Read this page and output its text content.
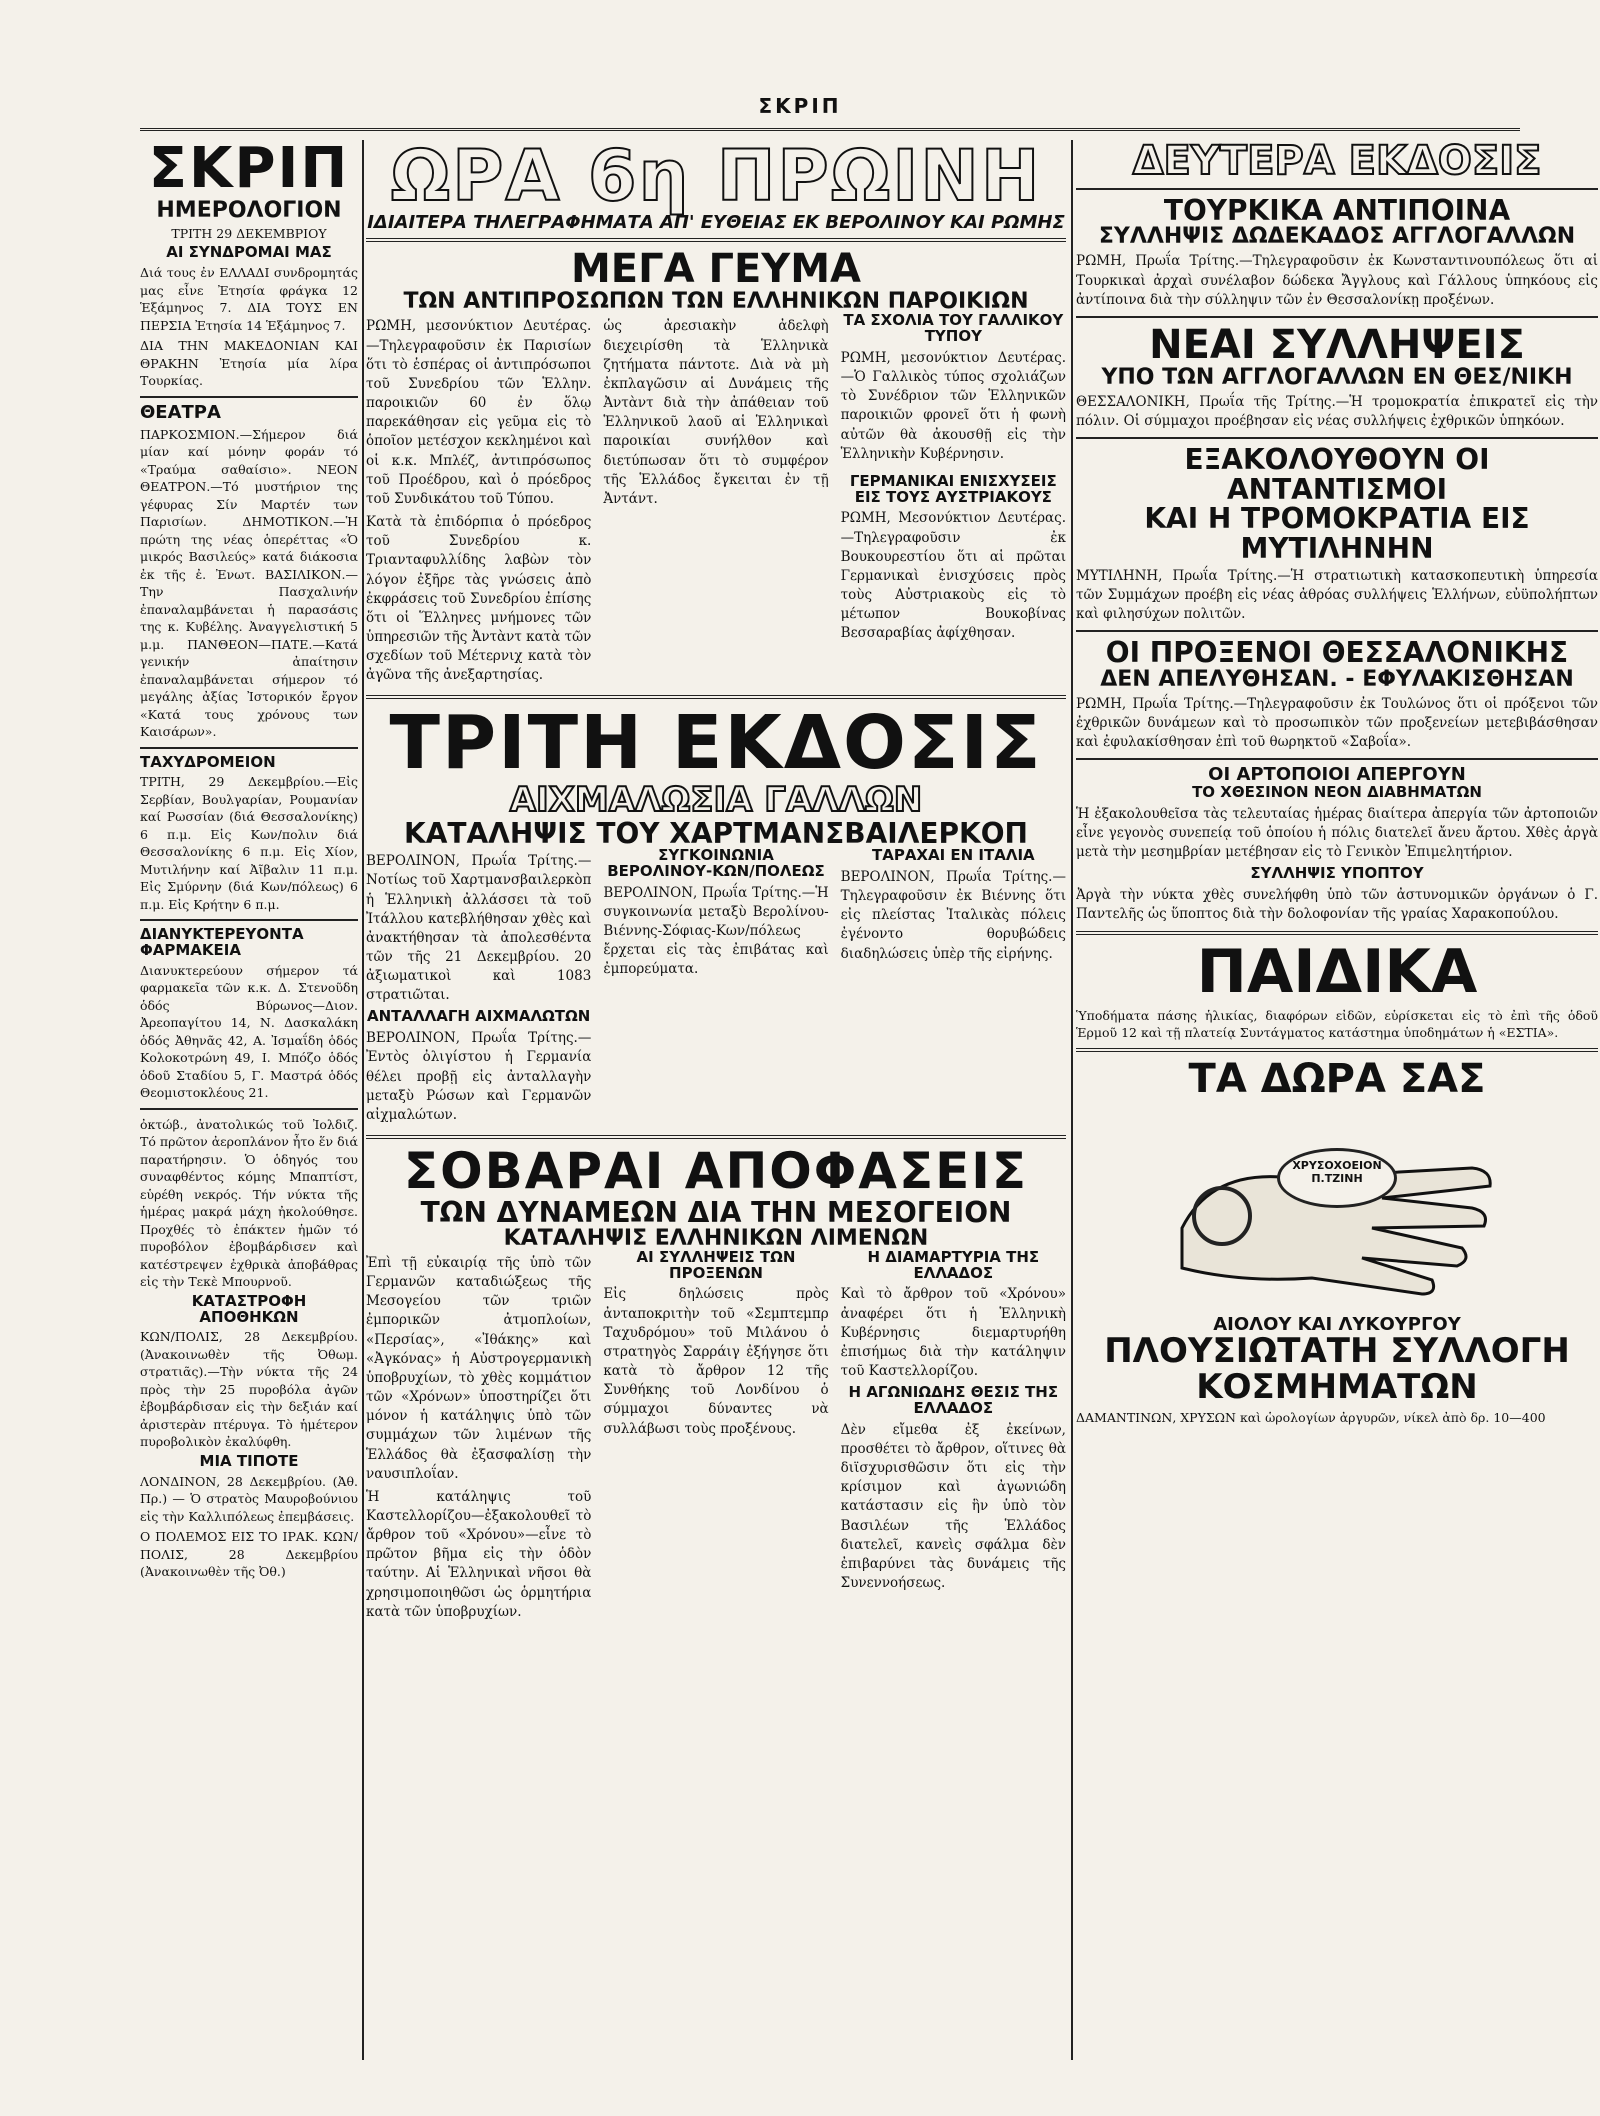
ΣΚΡΙΠ
ΣΚΡΙΠ
ΗΜΕΡΟΛΟΓΙΟΝ
ΤΡΙΤΗ 29 ΔΕΚΕΜΒΡΙΟΥ
ΑΙ ΣΥΝΔΡΟΜΑΙ ΜΑΣ

Διά τους ἐν ΕΛΛΑΔΙ συνδρομητάς μας εἶνε Ἐτησία φράγκα 12 Ἑξάμηνος 7. ΔΙΑ ΤΟΥΣ ΕΝ ΠΕΡΣΙΑ Ἐτησία 14 Ἑξάμηνος 7.

ΔΙΑ ΤΗΝ ΜΑΚΕΔΟΝΙΑΝ ΚΑΙ ΘΡΑΚΗΝ Ἐτησία μία λίρα Τουρκίας.

ΘΕΑΤΡΑ

ΠΑΡΚΟΣΜΙΟΝ.—Σήμερον διά μίαν καί μόνην φοράν τό «Τραύμα σαθαίσιο». ΝΕΟΝ ΘΕΑΤΡΟΝ.—Τό μυστήριον της γέφυρας Σίν Μαρτέν των Παρισίων. ΔΗΜΟΤΙΚΟΝ.—Ἡ πρώτη της νέας ὁπερέττας «Ὁ μικρός Βασιλεύς» κατά διάκοσια ἐκ τῆς ἐ. Ἐνωτ. ΒΑΣΙΛΙΚΟΝ.—Την Πασχαλινήν ἐπαναλαμβάνεται ἡ παρασάσις της κ. Κυβέλης. Ἀναγγελιστική 5 μ.μ. ΠΑΝΘΕΟΝ—ΠΑΤΕ.—Κατά γενικήν ἀπαίτησιν ἐπαναλαμβάνεται σήμερον τό μεγάλης ἀξίας Ἰστορικόν ἔργον «Κατά τους χρόνους των Καισάρων».

ΤΑΧΥΔΡΟΜΕΙΟΝ

ΤΡΙΤΗ, 29 Δεκεμβρίου.—Εἰς Σερβίαν, Βουλγαρίαν, Ρουμανίαν καί Ρωσσίαν (διά Θεσσαλονίκης) 6 π.μ. Εἰς Κων/πολιν διά Θεσσαλονίκης 6 π.μ. Εἰς Χίον, Μυτιλήνην καί Ἀῖβαλιν 11 π.μ. Εἰς Σμύρνην (διά Κων/πόλεως) 6 π.μ. Εἰς Κρήτην 6 π.μ.

ΔΙΑΝΥΚΤΕΡΕΥΟΝΤΑ ΦΑΡΜΑΚΕΙΑ

Διανυκτερεύουν σήμερον τά φαρμακεῖα τῶν κ.κ. Δ. Στενοῦδη ὁδός Βύρωνος—Διον. Ἀρεοπαγίτου 14, Ν. Δασκαλάκη ὁδός Ἀθηνᾶς 42, Α. Ἰσμαΐδη ὁδός Κολοκοτρώνη 49, Ι. Μπόζο ὁδός ὁδοῦ Σταδίου 5, Γ. Μαστρά ὁδός Θεομιστοκλέους 21.

ὀκτώβ., ἀνατολικώς τοῦ Ἰολδιζ. Τό πρῶτον ἀεροπλάνον ἦτο ἕν διά παρατήρησιν. Ὁ ὁδηγός του συναφθέντος κόμης Μπαπτίστ, εὑρέθη νεκρός. Τήν νύκτα τῆς ἡμέρας μακρά μάχη ἠκολούθησε. Προχθές τὸ ἐπάκτεν ἡμῶν τό πυροβόλον ἐβομβάρδισεν καὶ κατέστρεψεν ἐχθρικὰ ἀποβάθρας εἰς τὴν Τεκὲ Μπουρνοῦ.

ΚΑΤΑΣΤΡΟΦΗ ΑΠΟΘΗΚΩΝ

ΚΩΝ/ΠΟΛΙΣ, 28 Δεκεμβρίου. (Ἀνακοινωθὲν τῆς Ὀθωμ. στρατιᾶς).—Τὴν νύκτα τῆς 24 πρὸς τὴν 25 πυροβόλα ἀγῶν ἐβομβάρδισαν εἰς τὴν δεξιάν καί ἀριστερὰν πτέρυγα. Τὸ ἡμέτερον πυροβολικὸν ἐκαλύφθη.

ΜΙΑ ΤΙΠΟΤΕ

ΛΟΝΔΙΝΟΝ, 28 Δεκεμβρίου. (Ἀθ. Πρ.) — Ὁ στρατὸς Μαυροβούνιου εἰς τὴν Καλλιπόλεως ἐπεμβάσεις.

Ο ΠΟΛΕΜΟΣ ΕΙΣ ΤΟ ΙΡΑΚ. ΚΩΝ/ΠΟΛΙΣ, 28 Δεκεμβρίου (Ἀνακοινωθὲν τῆς Ὀθ.)

ΩΡΑ 6η ΠΡΩΙΝΗ
ΙΔΙΑΙΤΕΡΑ ΤΗΛΕΓΡΑΦΗΜΑΤΑ ΑΠ' ΕΥΘΕΙΑΣ ΕΚ ΒΕΡΟΛΙΝΟΥ ΚΑΙ ΡΩΜΗΣ
ΜΕΓΑ ΓΕΥΜΑ
ΤΩΝ ΑΝΤΙΠΡΟΣΩΠΩΝ ΤΩΝ ΕΛΛΗΝΙΚΩΝ ΠΑΡΟΙΚΙΩΝ

ΡΩΜΗ, μεσονύκτιον Δευτέρας.—Τηλεγραφοῦσιν ἐκ Παρισίων ὅτι τὸ ἑσπέρας οἱ ἀντιπρόσωποι τοῦ Συνεδρίου τῶν Ἑλλην. παροικιῶν 60 ἐν ὅλῳ παρεκάθησαν εἰς γεῦμα εἰς τὸ ὁποῖον μετέσχον κεκλημένοι καὶ οἱ κ.κ. Μπλέζ, ἀντιπρόσωπος τοῦ Προέδρου, καὶ ὁ πρόεδρος τοῦ Συνδικάτου τοῦ Τύπου.

Κατὰ τὰ ἐπιδόρπια ὁ πρόεδρος τοῦ Συνεδρίου κ. Τριανταφυλλίδης λαβὼν τὸν λόγον ἐξῆρε τὰς γνώσεις ἀπὸ ἐκφράσεις τοῦ Συνεδρίου ἐπίσης ὅτι οἱ Ἕλληνες μνήμονες τῶν ὑπηρεσιῶν τῆς Ἀντὰντ κατὰ τῶν σχεδίων τοῦ Μέτερνιχ κατὰ τὸν ἀγῶνα τῆς ἀνεξαρτησίας.

ὡς ἀρεσιακὴν ἀδελφὴ διεχειρίσθη τὰ Ἑλληνικὰ ζητήματα πάντοτε. Διὰ νὰ μὴ ἐκπλαγῶσιν αἱ Δυνάμεις τῆς Ἀντὰντ διὰ τὴν ἀπάθειαν τοῦ Ἑλληνικοῦ λαοῦ αἱ Ἑλληνικαὶ παροικίαι συνήλθον καὶ διετύπωσαν ὅτι τὸ συμφέρον τῆς Ἑλλάδος ἔγκειται ἐν τῇ Ἀντάντ.

ΤΑ ΣΧΟΛΙΑ ΤΟΥ ΓΑΛΛΙΚΟΥ ΤΥΠΟΥ

ΡΩΜΗ, μεσονύκτιον Δευτέρας.—Ὁ Γαλλικὸς τύπος σχολιάζων τὸ Συνέδριον τῶν Ἑλληνικῶν παροικιῶν φρονεῖ ὅτι ἡ φωνὴ αὐτῶν θὰ ἀκουσθῇ εἰς τὴν Ἑλληνικὴν Κυβέρνησιν.

ΓΕΡΜΑΝΙΚΑΙ ΕΝΙΣΧΥΣΕΙΣ ΕΙΣ ΤΟΥΣ ΑΥΣΤΡΙΑΚΟΥΣ

ΡΩΜΗ, Μεσονύκτιον Δευτέρας.—Τηλεγραφοῦσιν ἐκ Βουκουρεστίου ὅτι αἱ πρῶται Γερμανικαὶ ἐνισχύσεις πρὸς τοὺς Αὐστριακοὺς εἰς τὸ μέτωπον Βουκοβίνας Βεσσαραβίας ἀφίχθησαν.

ΤΡΙΤΗ ΕΚΔΟΣΙΣ
ΑΙΧΜΑΛΩΣΙΑ ΓΑΛΛΩΝ
ΚΑΤΑΛΗΨΙΣ ΤΟΥ ΧΑΡΤΜΑΝΣΒΑΙΛΕΡΚΟΠ

ΒΕΡΟΛΙΝΟΝ, Πρωΐα Τρίτης.—Νοτίως τοῦ Χαρτμανσβαιλερκὸπ ἡ Ἑλληνικὴ ἀλλάσσει τὰ τοῦ Ἰτάλλου κατεβλήθησαν χθὲς καὶ ἀνακτήθησαν τὰ ἀπολεσθέντα τῶν τῆς 21 Δεκεμβρίου. 20 ἀξιωματικοὶ καὶ 1083 στρατιῶται.

ΑΝΤΑΛΛΑΓΗ ΑΙΧΜΑΛΩΤΩΝ

ΒΕΡΟΛΙΝΟΝ, Πρωΐα Τρίτης.—Ἐντὸς ὀλιγίστου ἡ Γερμανία θέλει προβῇ εἰς ἀνταλλαγὴν μεταξὺ Ρώσων καὶ Γερμανῶν αἰχμαλώτων.

ΣΥΓΚΟΙΝΩΝΙΑ ΒΕΡΟΛΙΝΟΥ-ΚΩΝ/ΠΟΛΕΩΣ

ΒΕΡΟΛΙΝΟΝ, Πρωΐα Τρίτης.—Ἡ συγκοινωνία μεταξὺ Βερολίνου-Βιέννης-Σόφιας-Κων/πόλεως ἔρχεται εἰς τὰς ἐπιβάτας καὶ ἐμπορεύματα.

ΤΑΡΑΧΑΙ ΕΝ ΙΤΑΛΙΑ

ΒΕΡΟΛΙΝΟΝ, Πρωΐα Τρίτης.—Τηλεγραφοῦσιν ἐκ Βιέννης ὅτι εἰς πλείστας Ἰταλικὰς πόλεις ἐγένοντο θορυβώδεις διαδηλώσεις ὑπὲρ τῆς εἰρήνης.

ΣΟΒΑΡΑΙ ΑΠΟΦΑΣΕΙΣ
ΤΩΝ ΔΥΝΑΜΕΩΝ ΔΙΑ ΤΗΝ ΜΕΣΟΓΕΙΟΝ
ΚΑΤΑΛΗΨΙΣ ΕΛΛΗΝΙΚΩΝ ΛΙΜΕΝΩΝ

Ἐπὶ τῇ εὐκαιρίᾳ τῆς ὑπὸ τῶν Γερμανῶν καταδιώξεως τῆς Μεσογείου τῶν τριῶν ἐμπορικῶν ἀτμοπλοίων, «Περσίας», «Ἰθάκης» καὶ «Ἀγκόνας» ἡ Αὐστρογερμανικὴ ὑποβρυχίων, τὸ χθὲς κομμάτιον τῶν «Χρόνων» ὑποστηρίζει ὅτι μόνον ἡ κατάληψις ὑπὸ τῶν συμμάχων τῶν λιμένων τῆς Ἑλλάδος θὰ ἐξασφαλίσῃ τὴν ναυσιπλοΐαν.

Ἡ κατάληψις τοῦ Καστελλορίζου—ἐξακολουθεῖ τὸ ἄρθρον τοῦ «Χρόνου»—εἶνε τὸ πρῶτον βῆμα εἰς τὴν ὁδὸν ταύτην. Αἱ Ἑλληνικαὶ νῆσοι θὰ χρησιμοποιηθῶσι ὡς ὁρμητήρια κατὰ τῶν ὑποβρυχίων.

ΑΙ ΣΥΛΛΗΨΕΙΣ ΤΩΝ ΠΡΟΞΕΝΩΝ

Εἰς δηλώσεις πρὸς ἀνταποκριτὴν τοῦ «Σεμπτεμπρ Ταχυδρόμου» τοῦ Μιλάνου ὁ στρατηγὸς Σαρράιγ ἐξήγησε ὅτι κατὰ τὸ ἄρθρον 12 τῆς Συνθήκης τοῦ Λονδίνου ὁ σύμμαχοι δύναντες νὰ συλλάβωσι τοὺς προξένους.

Η ΔΙΑΜΑΡΤΥΡΙΑ ΤΗΣ ΕΛΛΑΔΟΣ

Καὶ τὸ ἄρθρον τοῦ «Χρόνου» ἀναφέρει ὅτι ἡ Ἑλληνικὴ Κυβέρνησις διεμαρτυρήθη ἐπισήμως διὰ τὴν κατάληψιν τοῦ Καστελλορίζου.

Η ΑΓΩΝΙΩΔΗΣ ΘΕΣΙΣ ΤΗΣ ΕΛΛΑΔΟΣ

Δὲν εἴμεθα ἐξ ἐκείνων, προσθέτει τὸ ἄρθρον, οἵτινες θὰ διϊσχυρισθῶσιν ὅτι εἰς τὴν κρίσιμον καὶ ἀγωνιώδη κατάστασιν εἰς ἣν ὑπὸ τὸν Βασιλέων τῆς Ἑλλάδος διατελεῖ, κανεὶς σφάλμα δὲν ἐπιβαρύνει τὰς δυνάμεις τῆς Συνεννοήσεως.

ΔΕΥΤΕΡΑ ΕΚΔΟΣΙΣ
ΤΟΥΡΚΙΚΑ ΑΝΤΙΠΟΙΝΑ
ΣΥΛΛΗΨΙΣ ΔΩΔΕΚΑΔΟΣ ΑΓΓΛΟΓΑΛΛΩΝ

ΡΩΜΗ, Πρωΐα Τρίτης.—Τηλεγραφοῦσιν ἐκ Κωνσταντινουπόλεως ὅτι αἱ Τουρκικαὶ ἀρχαὶ συνέλαβον δώδεκα Ἄγγλους καὶ Γάλλους ὑπηκόους εἰς ἀντίποινα διὰ τὴν σύλληψιν τῶν ἐν Θεσσαλονίκῃ προξένων.

ΝΕΑΙ ΣΥΛΛΗΨΕΙΣ
ΥΠΟ ΤΩΝ ΑΓΓΛΟΓΑΛΛΩΝ ΕΝ ΘΕΣ/ΝΙΚΗ

ΘΕΣΣΑΛΟΝΙΚΗ, Πρωΐα τῆς Τρίτης.—Ἡ τρομοκρατία ἐπικρατεῖ εἰς τὴν πόλιν. Οἱ σύμμαχοι προέβησαν εἰς νέας συλλήψεις ἐχθρικῶν ὑπηκόων.

ΕΞΑΚΟΛΟΥΘΟΥΝ ΟΙ ΑΝΤΑΝΤΙΣΜΟΙ
ΚΑΙ Η ΤΡΟΜΟΚΡΑΤΙΑ ΕΙΣ ΜΥΤΙΛΗΝΗΝ

ΜΥΤΙΛΗΝΗ, Πρωΐα Τρίτης.—Ἡ στρατιωτικὴ κατασκοπευτικὴ ὑπηρεσία τῶν Συμμάχων προέβη εἰς νέας ἀθρόας συλλήψεις Ἑλλήνων, εὐϋπολήπτων καὶ φιλησύχων πολιτῶν.

ΟΙ ΠΡΟΞΕΝΟΙ ΘΕΣΣΑΛΟΝΙΚΗΣ
ΔΕΝ ΑΠΕΛΥΘΗΣΑΝ. - ΕΦΥΛΑΚΙΣΘΗΣΑΝ

ΡΩΜΗ, Πρωΐα Τρίτης.—Τηλεγραφοῦσιν ἐκ Τουλώνος ὅτι οἱ πρόξενοι τῶν ἐχθρικῶν δυνάμεων καὶ τὸ προσωπικὸν τῶν προξενείων μετεβιβάσθησαν καὶ ἐφυλακίσθησαν ἐπὶ τοῦ θωρηκτοῦ «Σαβοΐα».

ΟΙ ΑΡΤΟΠΟΙΟΙ ΑΠΕΡΓΟΥΝ
ΤΟ ΧΘΕΣΙΝΟΝ ΝΕΟΝ ΔΙΑΒΗΜΑΤΩΝ

Ἡ ἐξακολουθεῖσα τὰς τελευταίας ἡμέρας διαίτερα ἀπεργία τῶν ἀρτοποιῶν εἶνε γεγονὸς συνεπείᾳ τοῦ ὁποίου ἡ πόλις διατελεῖ ἄνευ ἄρτου. Χθὲς ἀργὰ μετὰ τὴν μεσημβρίαν μετέβησαν εἰς τὸ Γενικὸν Ἐπιμελητήριον.

ΣΥΛΛΗΨΙΣ ΥΠΟΠΤΟΥ

Ἀργὰ τὴν νύκτα χθὲς συνελήφθη ὑπὸ τῶν ἀστυνομικῶν ὀργάνων ὁ Γ. Παντελῆς ὡς ὕποπτος διὰ τὴν δολοφονίαν τῆς γραίας Χαρακοπούλου.

ΠΑΙΔΙΚΑ

Ὑποδήματα πάσης ἡλικίας, διαφόρων εἰδῶν, εὑρίσκεται εἰς τὸ ἐπὶ τῆς ὁδοῦ Ἑρμοῦ 12 καὶ τῇ πλατείᾳ Συντάγματος κατάστημα ὑποδημάτων ἡ «ΕΣΤΙΑ».

ΤΑ ΔΩΡΑ ΣΑΣ
ΧΡΥΣΟΧΟΕΙΟΝ Π.ΤΖΙΝΗ
ΑΙΟΛΟΥ ΚΑΙ ΛΥΚΟΥΡΓΟΥ
ΠΛΟΥΣΙΩΤΑΤΗ ΣΥΛΛΟΓΗ
ΚΟΣΜΗΜΑΤΩΝ

ΔΑΜΑΝΤΙΝΩΝ, ΧΡΥΣΩΝ καὶ ὡρολογίων ἀργυρῶν, νίκελ ἀπὸ δρ. 10—400
